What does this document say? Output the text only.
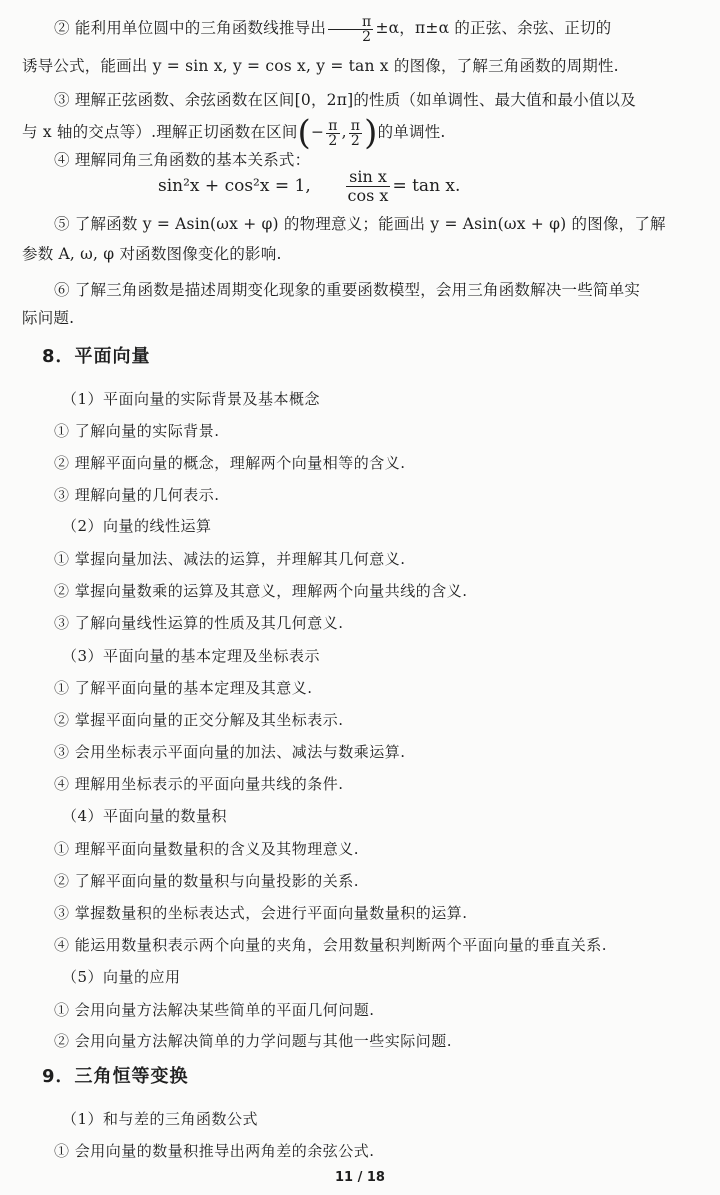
② 能利用单位圆中的三角函数线推导出 $\frac{\pi}{2} \pm\alpha$，π±α 的正弦、余弦、正切的
诱导公式，能画出 y = sin x, y = cos x, y = tan x 的图像，了解三角函数的周期性.
③ 理解正弦函数、余弦函数在区间[0，2π]的性质（如单调性、最大值和最小值以及
与 x 轴的交点等）.理解正切函数在区间(− $\frac{\pi}{2}$ , $\frac{\pi}{2}$ )的单调性.
④ 理解同角三角函数的基本关系式：
sin²x + cos²x = 1, $\frac{\text{sin x}}{\text{cos x}} = \tan x$.
⑤ 了解函数 y = Asin(ωx + φ) 的物理意义；能画出 y = Asin(ωx + φ) 的图像，了解
参数 A, ω, φ 对函数图像变化的影响.
⑥ 了解三角函数是描述周期变化现象的重要函数模型，会用三角函数解决一些简单实
际问题.
8．平面向量
（1）平面向量的实际背景及基本概念
① 了解向量的实际背景.
② 理解平面向量的概念，理解两个向量相等的含义.
③ 理解向量的几何表示.
（2）向量的线性运算
① 掌握向量加法、减法的运算，并理解其几何意义.
② 掌握向量数乘的运算及其意义，理解两个向量共线的含义.
③ 了解向量线性运算的性质及其几何意义.
（3）平面向量的基本定理及坐标表示
① 了解平面向量的基本定理及其意义.
② 掌握平面向量的正交分解及其坐标表示.
③ 会用坐标表示平面向量的加法、减法与数乘运算.
④ 理解用坐标表示的平面向量共线的条件.
（4）平面向量的数量积
① 理解平面向量数量积的含义及其物理意义.
② 了解平面向量的数量积与向量投影的关系.
③ 掌握数量积的坐标表达式，会进行平面向量数量积的运算.
④ 能运用数量积表示两个向量的夹角，会用数量积判断两个平面向量的垂直关系.
（5）向量的应用
① 会用向量方法解决某些简单的平面几何问题.
② 会用向量方法解决简单的力学问题与其他一些实际问题.
9．三角恒等变换
（1）和与差的三角函数公式
① 会用向量的数量积推导出两角差的余弦公式.
11 / 18
